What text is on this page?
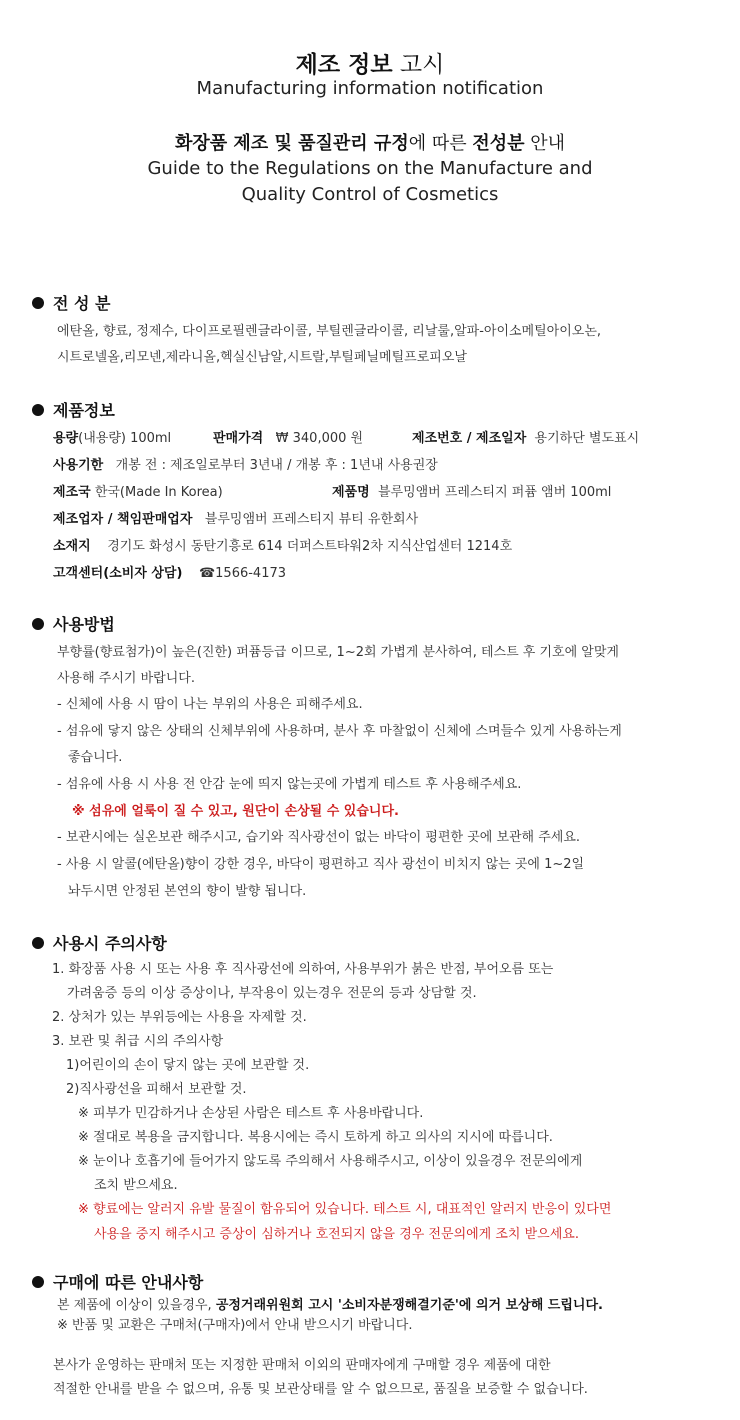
제조 정보 고시
Manufacturing information notification
화장품 제조 및 품질관리 규정에 따른 전성분 안내
Guide to the Regulations on the Manufacture and
Quality Control of Cosmetics
전 성 분
에탄올, 향료, 정제수, 다이프로필렌글라이콜, 부틸렌글라이콜, 리날룰,알파-아이소메틸아이오논,
시트로넬올,리모넨,제라니올,헥실신남알,시트랄,부틸페닐메틸프로피오날
제품정보
용량(내용량) 100ml	판매가격 ₩ 340,000 원	제조번호 / 제조일자 용기하단 별도표시
사용기한 개봉 전 : 제조일로부터 3년내 / 개봉 후 : 1년내 사용권장
제조국 한국(Made In Korea)	제품명 블루밍앰버 프레스티지 퍼퓸 앰버 100ml
제조업자 / 책임판매업자 블루밍앰버 프레스티지 뷰티 유한회사
소재지 경기도 화성시 동탄기흥로 614 더퍼스트타워2차 지식산업센터 1214호
고객센터(소비자 상담) ☎1566-4173
사용방법
부향률(향료첨가)이 높은(진한) 퍼퓸등급 이므로, 1~2회 가볍게 분사하여, 테스트 후 기호에 알맞게
사용해 주시기 바랍니다.
- 신체에 사용 시 땀이 나는 부위의 사용은 피해주세요.
- 섬유에 닿지 않은 상태의 신체부위에 사용하며, 분사 후 마찰없이 신체에 스며들수 있게 사용하는게
좋습니다.
- 섬유에 사용 시 사용 전 안감 눈에 띄지 않는곳에 가볍게 테스트 후 사용해주세요.
※ 섬유에 얼룩이 질 수 있고, 원단이 손상될 수 있습니다.
- 보관시에는 실온보관 해주시고, 습기와 직사광선이 없는 바닥이 평편한 곳에 보관해 주세요.
- 사용 시 알콜(에탄올)향이 강한 경우, 바닥이 평편하고 직사 광선이 비치지 않는 곳에 1~2일
놔두시면 안정된 본연의 향이 발향 됩니다.
사용시 주의사항
1. 화장품 사용 시 또는 사용 후 직사광선에 의하여, 사용부위가 붉은 반점, 부어오름 또는
가려움증 등의 이상 증상이나, 부작용이 있는경우 전문의 등과 상담할 것.
2. 상처가 있는 부위등에는 사용을 자제할 것.
3. 보관 및 취급 시의 주의사항
1)어린이의 손이 닿지 않는 곳에 보관할 것.
2)직사광선을 피해서 보관할 것.
※ 피부가 민감하거나 손상된 사람은 테스트 후 사용바랍니다.
※ 절대로 복용을 금지합니다. 복용시에는 즉시 토하게 하고 의사의 지시에 따릅니다.
※ 눈이나 호흡기에 들어가지 않도록 주의해서 사용해주시고, 이상이 있을경우 전문의에게
조치 받으세요.
※ 향료에는 알러지 유발 물질이 함유되어 있습니다. 테스트 시, 대표적인 알러지 반응이 있다면
사용을 중지 해주시고 증상이 심하거나 호전되지 않을 경우 전문의에게 조치 받으세요.
구매에 따른 안내사항
본 제품에 이상이 있을경우, 공정거래위원회 고시 '소비자분쟁해결기준'에 의거 보상해 드립니다.
※ 반품 및 교환은 구매처(구매자)에서 안내 받으시기 바랍니다.
본사가 운영하는 판매처 또는 지정한 판매처 이외의 판매자에게 구매할 경우 제품에 대한
적절한 안내를 받을 수 없으며, 유통 및 보관상태를 알 수 없으므로, 품질을 보증할 수 없습니다.
